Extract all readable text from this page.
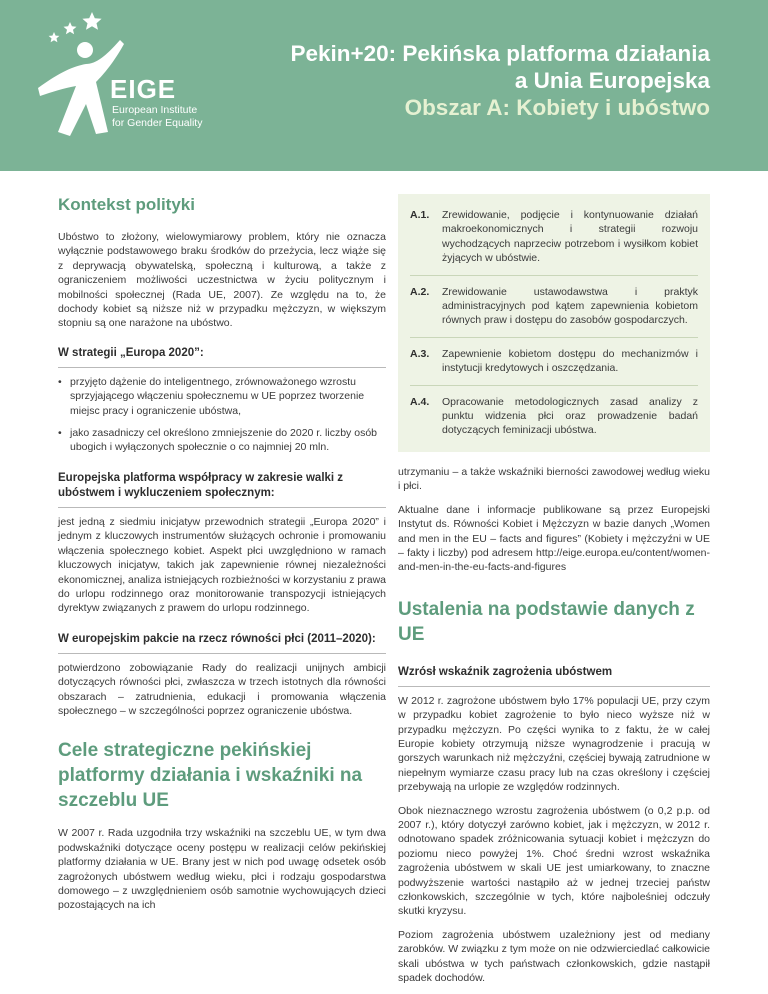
EIGE
European Institute
for Gender Equality
Pekin+20: Pekińska platforma działania
a Unia Europejska
Obszar A: Kobiety i ubóstwo
Kontekst polityki

Ubóstwo to złożony, wielowymiarowy problem, który nie oznacza wyłącznie podstawowego braku środków do przeżycia, lecz wiąże się z deprywacją obywatelską, społeczną i kulturową, a także z ograniczeniem możliwości uczestnictwa w życiu politycznym i mobilności społecznej (Rada UE, 2007). Ze względu na to, że dochody kobiet są niższe niż w przypadku mężczyzn, w większym stopniu są one narażone na ubóstwo.

W strategii „Europa 2020”:
• przyjęto dążenie do inteligentnego, zrównoważonego wzrostu sprzyjającego włączeniu społecznemu w UE poprzez tworzenie miejsc pracy i ograniczenie ubóstwa,
• jako zasadniczy cel określono zmniejszenie do 2020 r. liczby osób ubogich i wyłączonych społecznie o co najmniej 20 mln.
Europejska platforma współpracy w zakresie walki z ubóstwem i wykluczeniem społecznym:

jest jedną z siedmiu inicjatyw przewodnich strategii „Europa 2020” i jednym z kluczowych instrumentów służących ochronie i promowaniu włączenia społecznego kobiet. Aspekt płci uwzględniono w ramach kluczowych inicjatyw, takich jak zapewnienie równej niezależności ekonomicznej, analiza istniejących rozbieżności w korzystaniu z prawa do urlopu rodzinnego oraz monitorowanie transpozycji istniejących dyrektyw związanych z prawem do urlopu rodzinnego.

W europejskim pakcie na rzecz równości płci (2011–2020):

potwierdzono zobowiązanie Rady do realizacji unijnych ambicji dotyczących równości płci, zwłaszcza w trzech istotnych dla równości obszarach – zatrudnienia, edukacji i promowania włączenia społecznego – w szczególności poprzez ograniczenie ubóstwa.

Cele strategiczne pekińskiej platformy działania i wskaźniki na szczeblu UE

W 2007 r. Rada uzgodniła trzy wskaźniki na szczeblu UE, w tym dwa podwskaźniki dotyczące oceny postępu w realizacji celów pekińskiej platformy działania w UE. Brany jest w nich pod uwagę odsetek osób zagrożonych ubóstwem według wieku, płci i rodzaju gospodarstwa domowego – z uwzględnieniem osób samotnie wychowujących dzieci pozostających na ich

A.1.	Zrewidowanie, podjęcie i kontynuowanie działań makroekonomicznych i strategii rozwoju wychodzących naprzeciw potrzebom i wysiłkom kobiet żyjących w ubóstwie.
A.2.	Zrewidowanie ustawodawstwa i praktyk administracyjnych pod kątem zapewnienia kobietom równych praw i dostępu do zasobów gospodarczych.
A.3.	Zapewnienie kobietom dostępu do mechanizmów i instytucji kredytowych i oszczędzania.
A.4.	Opracowanie metodologicznych zasad analizy z punktu widzenia płci oraz prowadzenie badań dotyczących feminizacji ubóstwa.

utrzymaniu – a także wskaźniki bierności zawodowej według wieku i płci.

Aktualne dane i informacje publikowane są przez Europejski Instytut ds. Równości Kobiet i Mężczyzn w bazie danych „Women and men in the EU – facts and figures” (Kobiety i mężczyźni w UE – fakty i liczby) pod adresem http://eige.europa.eu/content/women-and-men-in-the-eu-facts-and-figures

Ustalenia na podstawie danych z UE
Wzrósł wskaźnik zagrożenia ubóstwem

W 2012 r. zagrożone ubóstwem było 17% populacji UE, przy czym w przypadku kobiet zagrożenie to było nieco wyższe niż w przypadku mężczyzn. Po części wynika to z faktu, że w całej Europie kobiety otrzymują niższe wynagrodzenie i pracują w gorszych warunkach niż mężczyźni, częściej bywają zatrudnione w niepełnym wymiarze czasu pracy lub na czas określony i częściej przebywają na urlopie ze względów rodzinnych.

Obok nieznacznego wzrostu zagrożenia ubóstwem (o 0,2 p.p. od 2007 r.), który dotyczył zarówno kobiet, jak i mężczyzn, w 2012 r. odnotowano spadek zróżnicowania sytuacji kobiet i mężczyzn do poziomu nieco powyżej 1%. Choć średni wzrost wskaźnika zagrożenia ubóstwem w skali UE jest umiarkowany, to znaczne podwyższenie wartości nastąpiło aż w jednej trzeciej państw członkowskich, szczególnie w tych, które najboleśniej odczuły skutki kryzysu.

Poziom zagrożenia ubóstwem uzależniony jest od mediany zarobków. W związku z tym może on nie odzwierciedlać całkowicie skali ubóstwa w tych państwach członkowskich, gdzie nastąpił spadek dochodów.
